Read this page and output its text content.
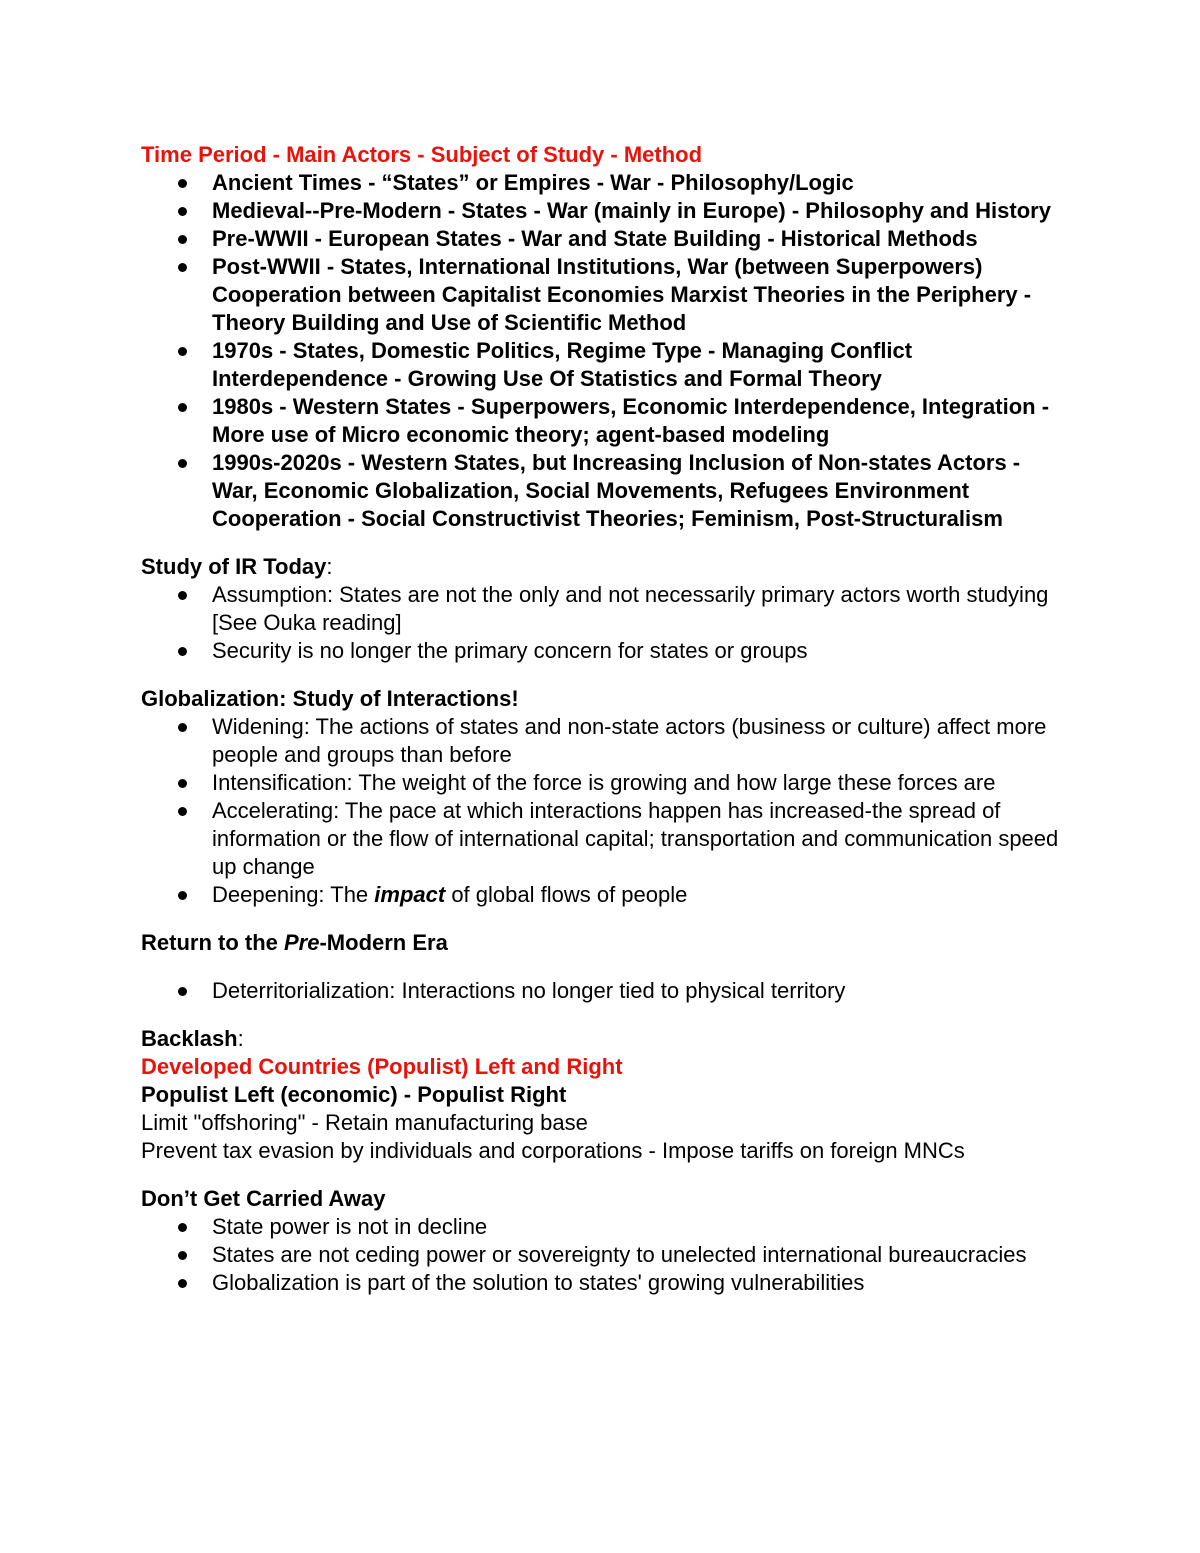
Time Period - Main Actors - Subject of Study - Method

Ancient Times - “States” or Empires - War - Philosophy/Logic
Medieval--Pre-Modern - States - War (mainly in Europe) - Philosophy and History
Pre-WWII - European States - War and State Building - Historical Methods
Post-WWII - States, International Institutions, War (between Superpowers) Cooperation between Capitalist Economies Marxist Theories in the Periphery - Theory Building and Use of Scientific Method
1970s - States, Domestic Politics, Regime Type - Managing Conflict Interdependence - Growing Use Of Statistics and Formal Theory
1980s - Western States - Superpowers, Economic Interdependence, Integration - More use of Micro economic theory; agent-based modeling
1990s-2020s - Western States, but Increasing Inclusion of Non-states Actors - War, Economic Globalization, Social Movements, Refugees Environment Cooperation - Social Constructivist Theories; Feminism, Post-Structuralism

Study of IR Today:

Assumption: States are not the only and not necessarily primary actors worth studying [See Ouka reading]
Security is no longer the primary concern for states or groups

Globalization: Study of Interactions!

Widening: The actions of states and non-state actors (business or culture) affect more people and groups than before
Intensification: The weight of the force is growing and how large these forces are
Accelerating: The pace at which interactions happen has increased-the spread of information or the flow of international capital; transportation and communication speed up change
Deepening: The impact of global flows of people

Return to the Pre-Modern Era

Deterritorialization: Interactions no longer tied to physical territory

Backlash:

Developed Countries (Populist) Left and Right

Populist Left (economic) - Populist Right

Limit "offshoring" - Retain manufacturing base

Prevent tax evasion by individuals and corporations - Impose tariffs on foreign MNCs

Don’t Get Carried Away

State power is not in decline
States are not ceding power or sovereignty to unelected international bureaucracies
Globalization is part of the solution to states' growing vulnerabilities
